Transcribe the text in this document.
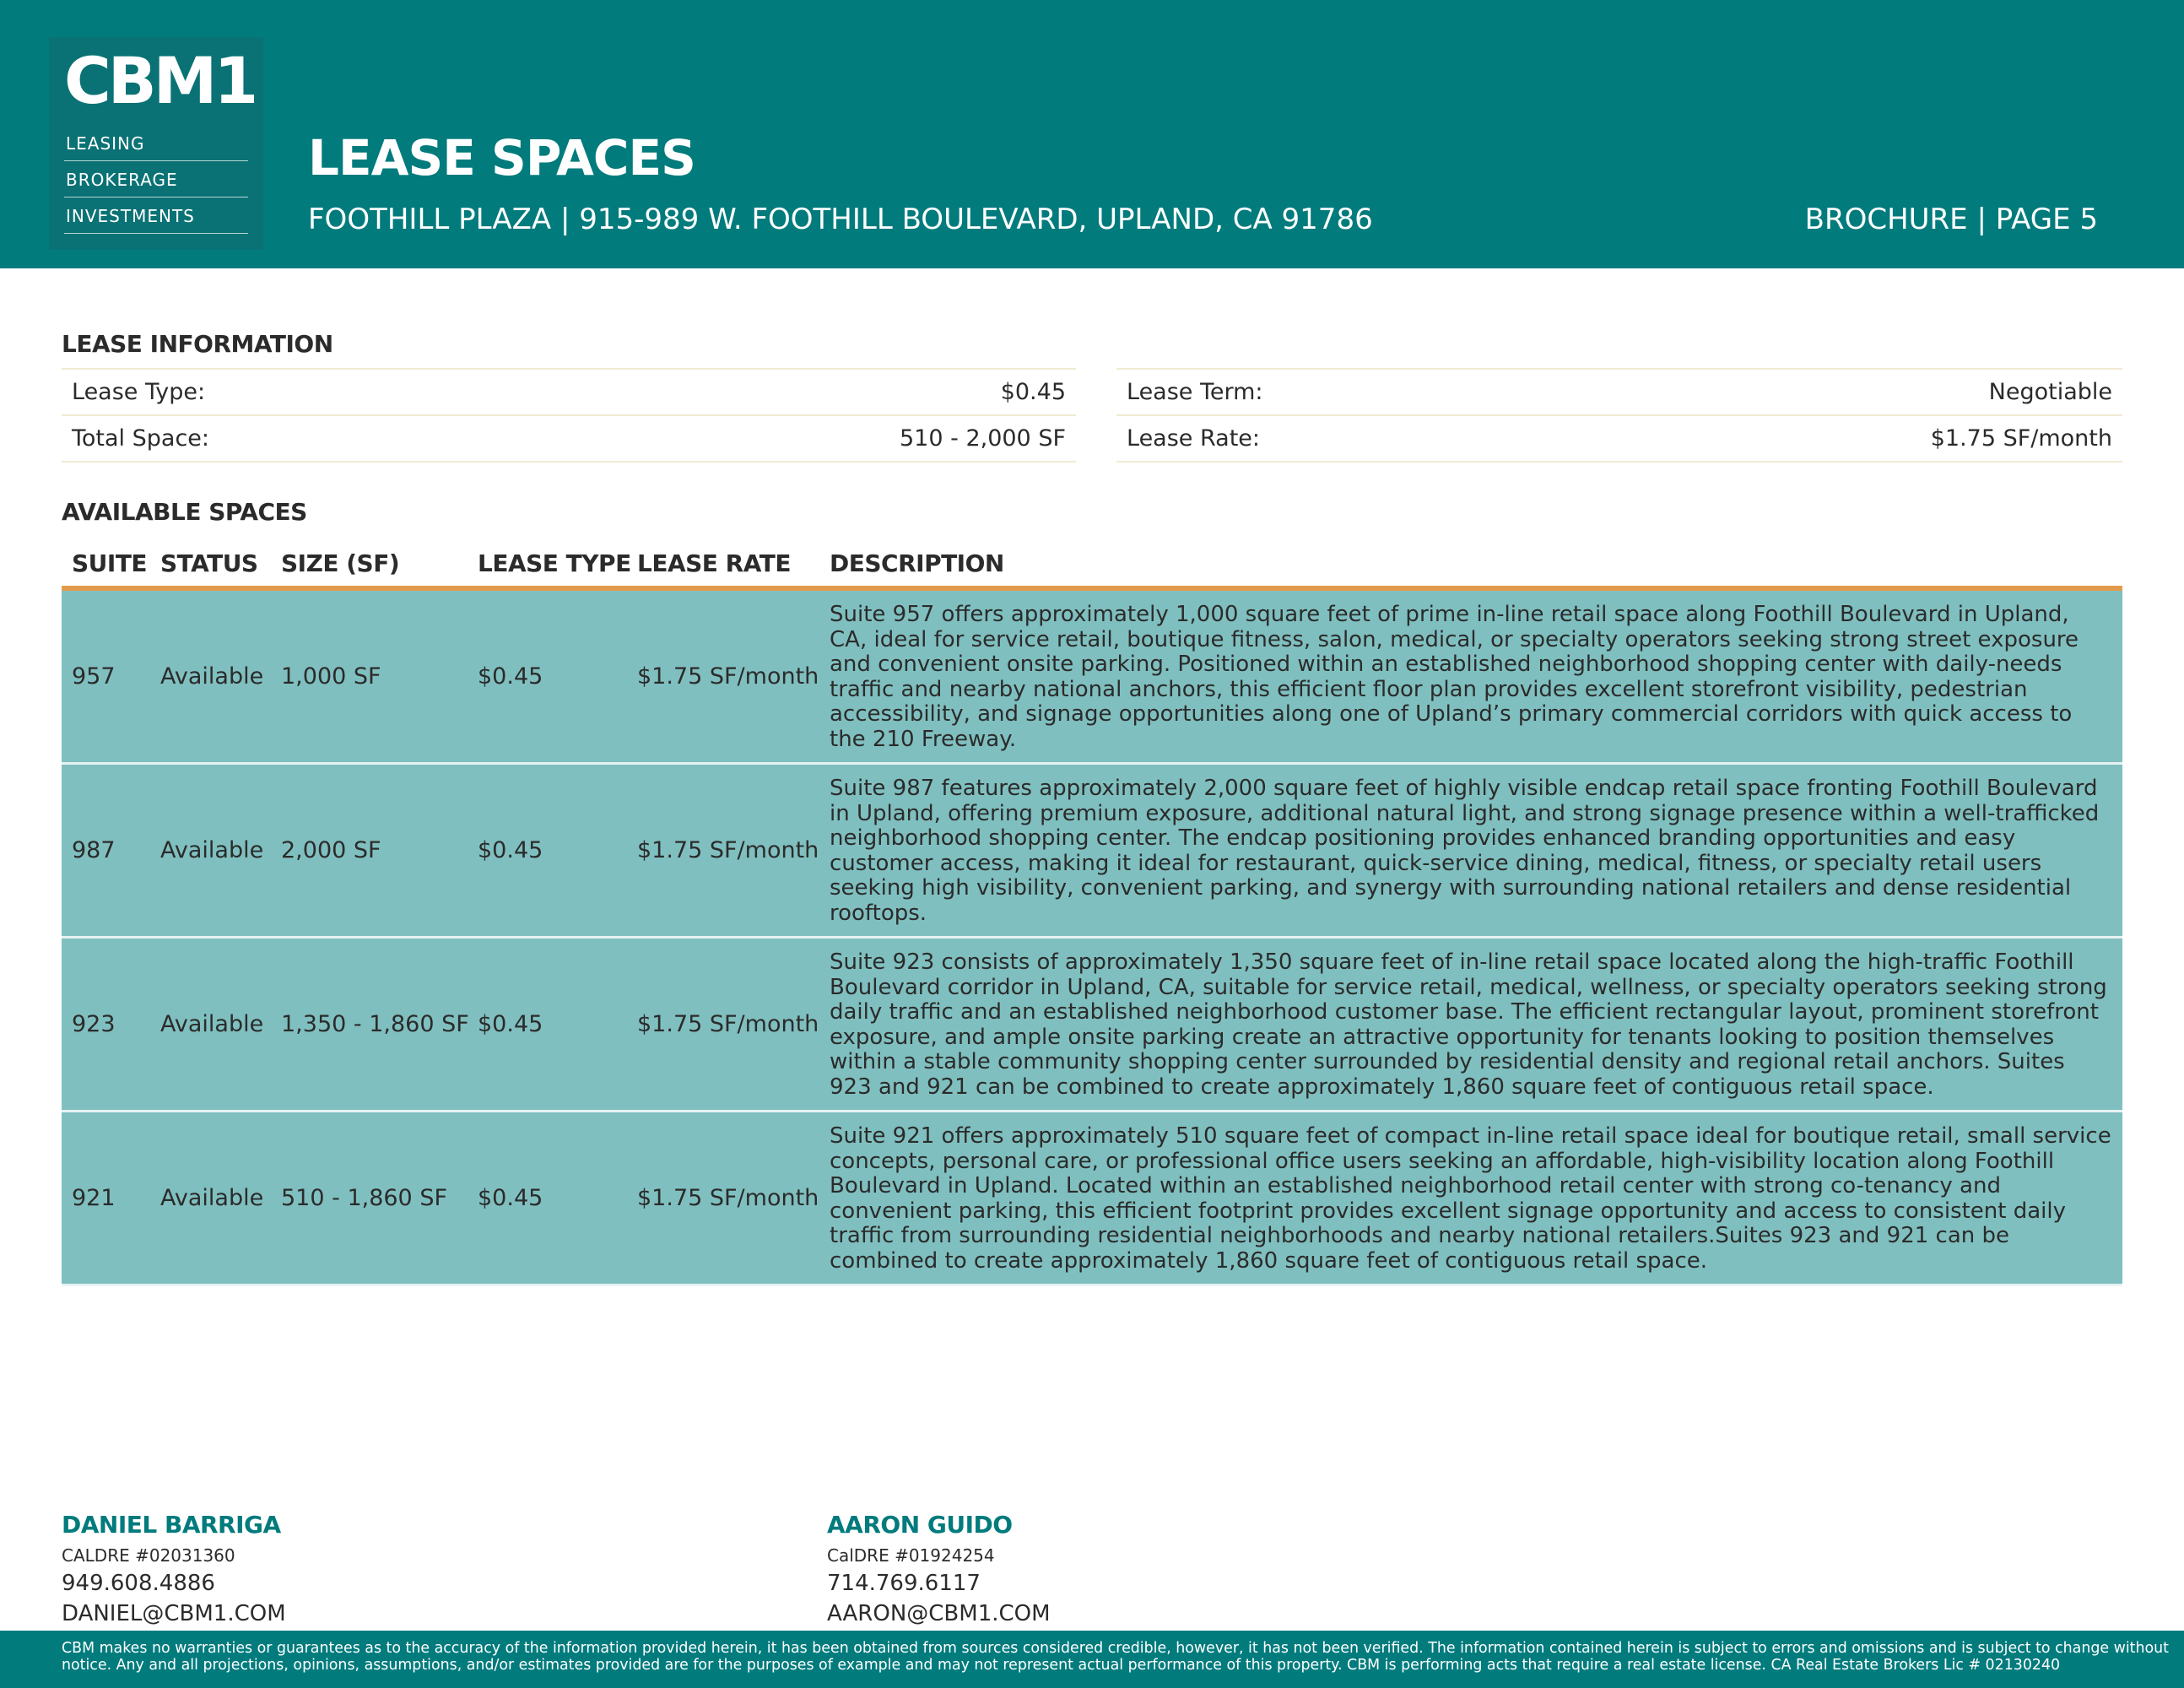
CBM1
LEASING
BROKERAGE
INVESTMENTS
LEASE SPACES
FOOTHILL PLAZA | 915-989 W. FOOTHILL BOULEVARD, UPLAND, CA 91786	BROCHURE | PAGE 5
LEASE INFORMATION
Lease Type:	$0.45
Total Space:	510 - 2,000 SF
Lease Term:	Negotiable
Lease Rate:	$1.75 SF/month
AVAILABLE SPACES
SUITE	STATUS	SIZE (SF)	LEASE TYPE	LEASE RATE	DESCRIPTION
957	Available	1,000 SF	$0.45	$1.75 SF/month	Suite 957 offers approximately 1,000 square feet of prime in-line retail space along Foothill Boulevard in Upland, CA, ideal for service retail, boutique fitness, salon, medical, or specialty operators seeking strong street exposure and convenient onsite parking. Positioned within an established neighborhood shopping center with daily-needs traffic and nearby national anchors, this efficient floor plan provides excellent storefront visibility, pedestrian accessibility, and signage opportunities along one of Upland’s primary commercial corridors with quick access to the 210 Freeway.
987	Available	2,000 SF	$0.45	$1.75 SF/month	Suite 987 features approximately 2,000 square feet of highly visible endcap retail space fronting Foothill Boulevard in Upland, offering premium exposure, additional natural light, and strong signage presence within a well-trafficked neighborhood shopping center. The endcap positioning provides enhanced branding opportunities and easy customer access, making it ideal for restaurant, quick-service dining, medical, fitness, or specialty retail users seeking high visibility, convenient parking, and synergy with surrounding national retailers and dense residential rooftops.
923	Available	1,350 - 1,860 SF	$0.45	$1.75 SF/month	Suite 923 consists of approximately 1,350 square feet of in-line retail space located along the high-traffic Foothill Boulevard corridor in Upland, CA, suitable for service retail, medical, wellness, or specialty operators seeking strong daily traffic and an established neighborhood customer base. The efficient rectangular layout, prominent storefront exposure, and ample onsite parking create an attractive opportunity for tenants looking to position themselves within a stable community shopping center surrounded by residential density and regional retail anchors. Suites 923 and 921 can be combined to create approximately 1,860 square feet of contiguous retail space.
921	Available	510 - 1,860 SF	$0.45	$1.75 SF/month	Suite 921 offers approximately 510 square feet of compact in-line retail space ideal for boutique retail, small service concepts, personal care, or professional office users seeking an affordable, high-visibility location along Foothill Boulevard in Upland. Located within an established neighborhood retail center with strong co-tenancy and convenient parking, this efficient footprint provides excellent signage opportunity and access to consistent daily traffic from surrounding residential neighborhoods and nearby national retailers.Suites 923 and 921 can be combined to create approximately 1,860 square feet of contiguous retail space.
DANIEL BARRIGA
CALDRE #02031360
949.608.4886
DANIEL@CBM1.COM
AARON GUIDO
CalDRE #01924254
714.769.6117
AARON@CBM1.COM
CBM makes no warranties or guarantees as to the accuracy of the information provided herein, it has been obtained from sources considered credible, however, it has not been verified. The information contained herein is subject to errors and omissions and is subject to change without
notice. Any and all projections, opinions, assumptions, and/or estimates provided are for the purposes of example and may not represent actual performance of this property. CBM is performing acts that require a real estate license. CA Real Estate Brokers Lic # 02130240
